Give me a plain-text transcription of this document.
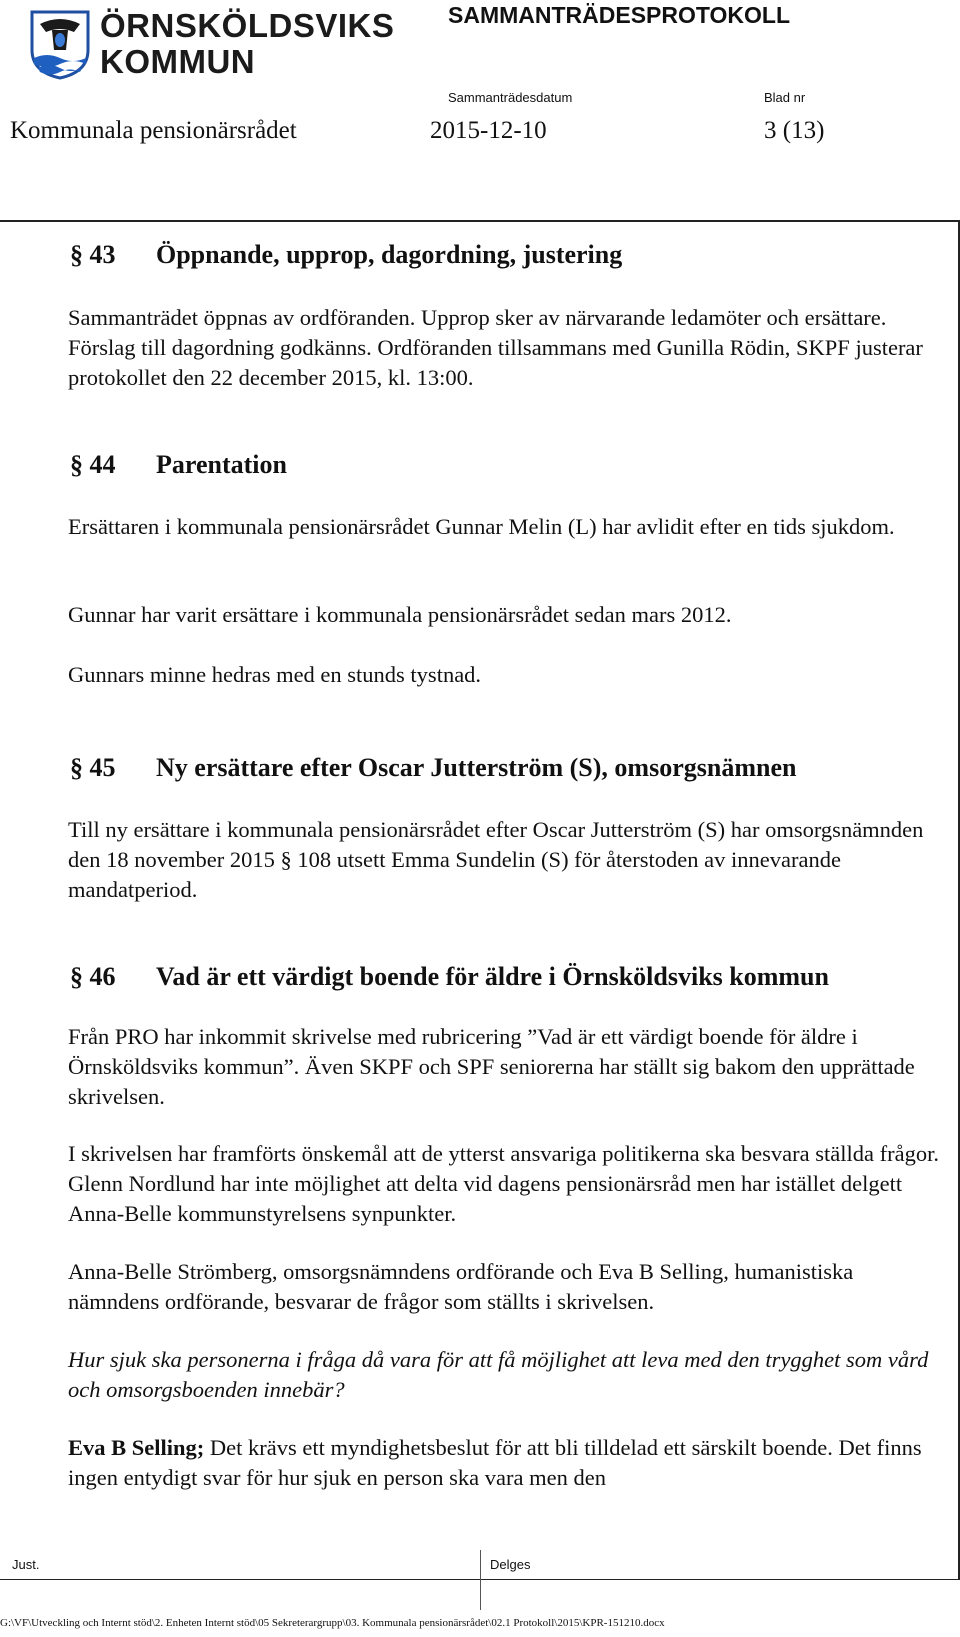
ÖRNSKÖLDSVIKS
KOMMUN
SAMMANTRÄDESPROTOKOLL
Sammanträdesdatum	Blad nr
Kommunala pensionärsrådet	2015-12-10	3 (13)
§ 43 Öppnande, upprop, dagordning, justering
Sammanträdet öppnas av ordföranden. Upprop sker av närvarande ledamöter och ersättare. Förslag till dagordning godkänns. Ordföranden tillsammans med Gunilla Rödin, SKPF justerar protokollet den 22 december 2015, kl. 13:00.
§ 44 Parentation
Ersättaren i kommunala pensionärsrådet Gunnar Melin (L) har avlidit efter en tids sjukdom.
Gunnar har varit ersättare i kommunala pensionärsrådet sedan mars 2012.
Gunnars minne hedras med en stunds tystnad.
§ 45 Ny ersättare efter Oscar Jutterström (S), omsorgsnämnen
Till ny ersättare i kommunala pensionärsrådet efter Oscar Jutterström (S) har omsorgsnämnden den 18 november 2015 § 108 utsett Emma Sundelin (S) för återstoden av innevarande mandatperiod.
§ 46 Vad är ett värdigt boende för äldre i Örnsköldsviks kommun
Från PRO har inkommit skrivelse med rubricering ”Vad är ett värdigt boende för äldre i Örnsköldsviks kommun”. Även SKPF och SPF seniorerna har ställt sig bakom den upprättade skrivelsen.
I skrivelsen har framförts önskemål att de ytterst ansvariga politikerna ska besvara ställda frågor. Glenn Nordlund har inte möjlighet att delta vid dagens pensionärsråd men har istället delgett Anna-Belle kommunstyrelsens synpunkter.
Anna-Belle Strömberg, omsorgsnämndens ordförande och Eva B Selling, humanistiska nämndens ordförande, besvarar de frågor som ställts i skrivelsen.
Hur sjuk ska personerna i fråga då vara för att få möjlighet att leva med den trygghet som vård och omsorgsboenden innebär?
Eva B Selling; Det krävs ett myndighetsbeslut för att bli tilldelad ett särskilt boende. Det finns ingen entydigt svar för hur sjuk en person ska vara men den
Just.	Delges
G:\VF\Utveckling och Internt stöd\2. Enheten Internt stöd\05 Sekreterargrupp\03. Kommunala pensionärsrådet\02.1 Protokoll\2015\KPR-151210.docx
